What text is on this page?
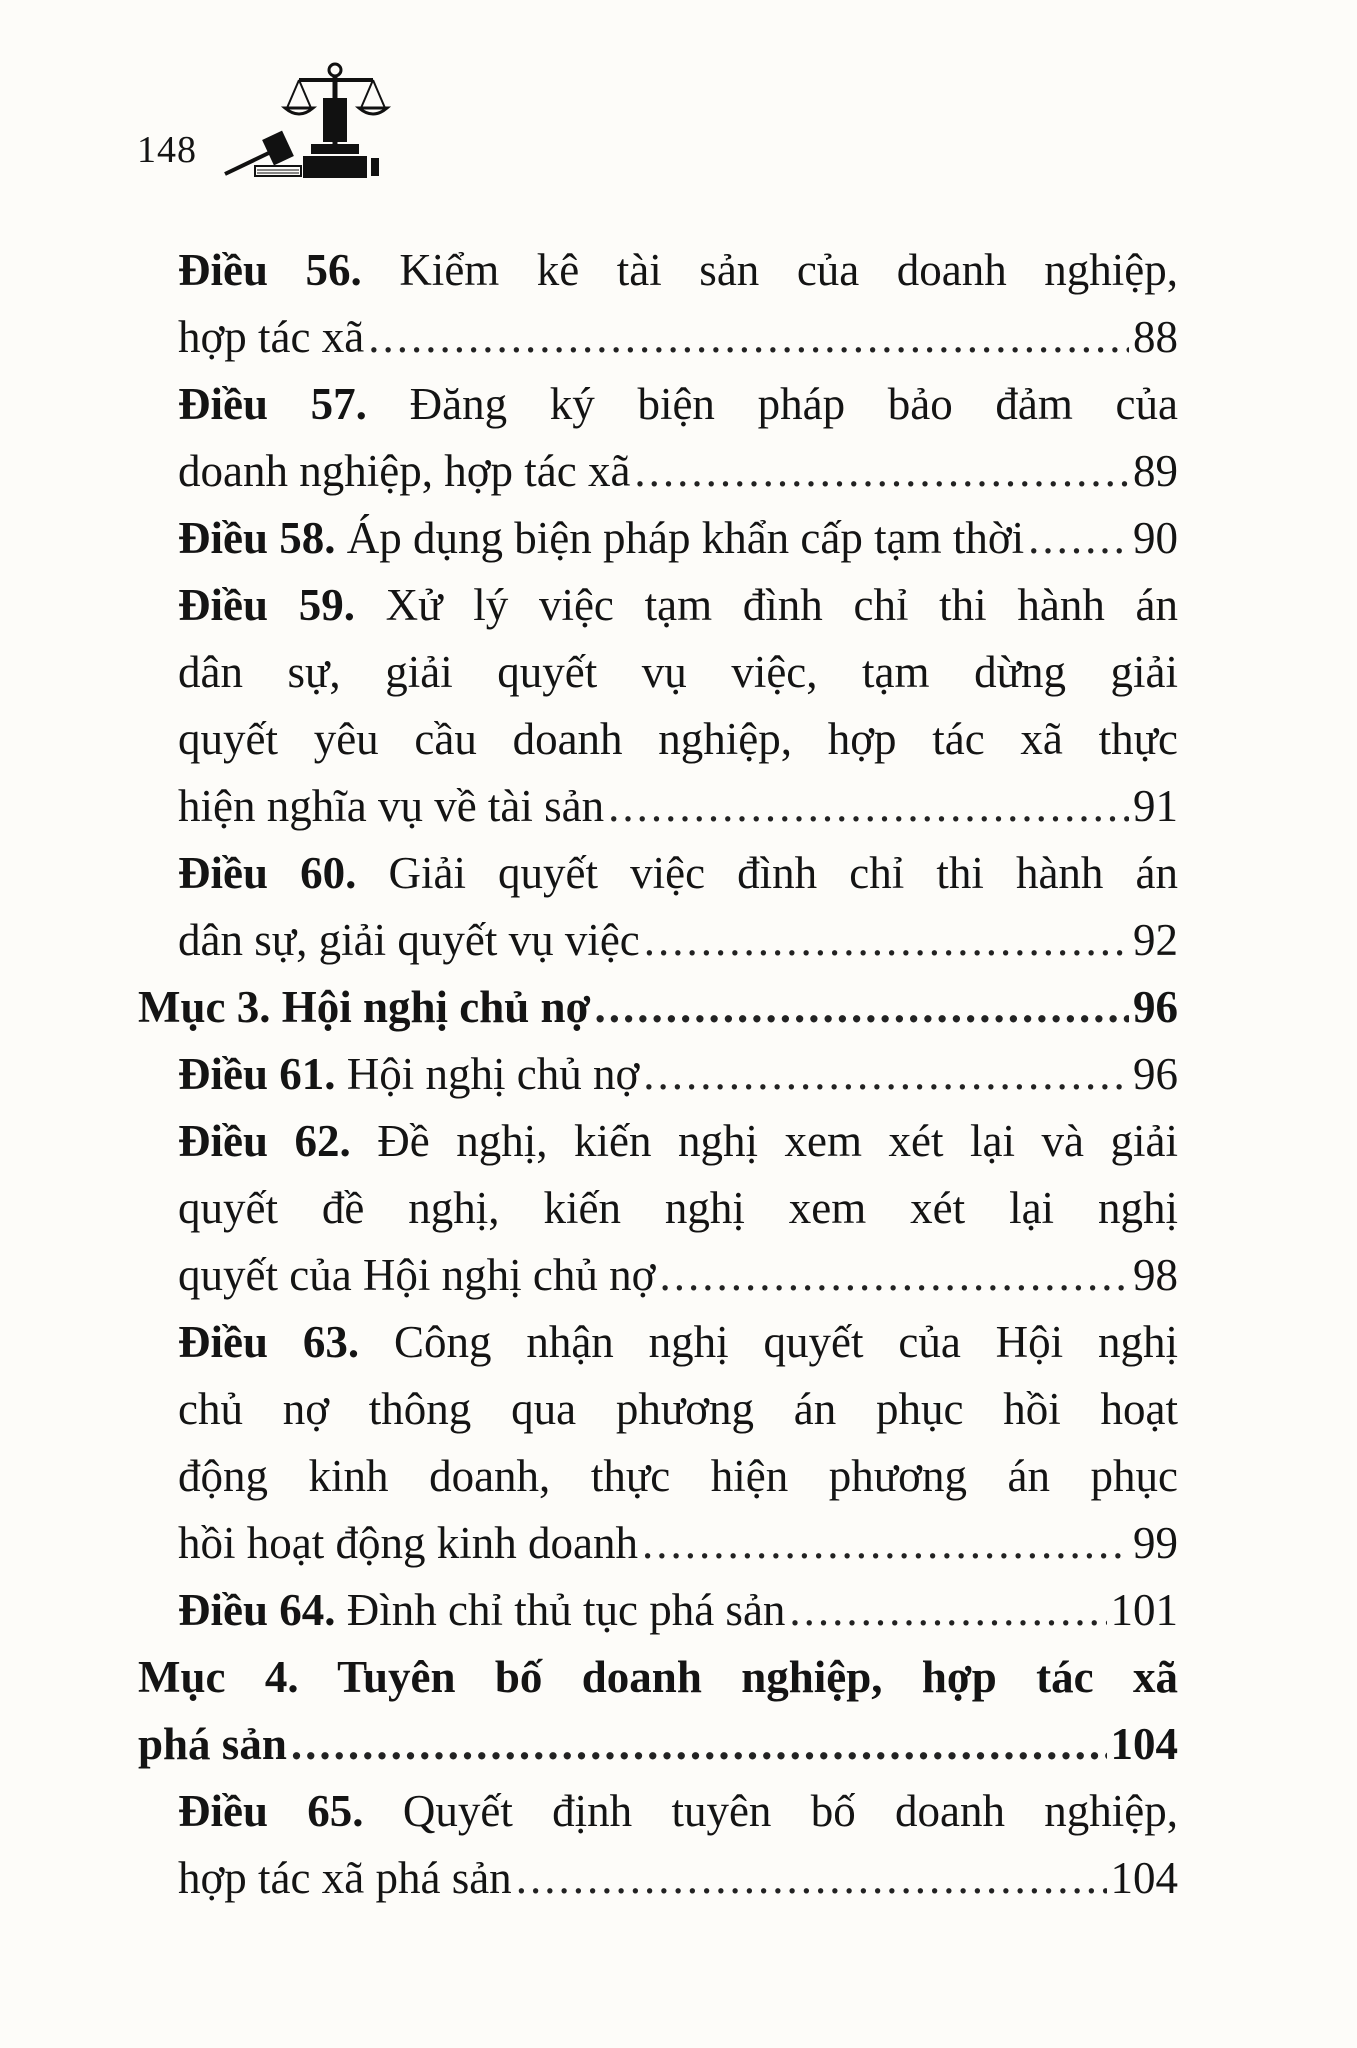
148
Điều 56. Kiểm kê tài sản của doanh nghiệp,
hợp tác xã .....	88
Điều 57. Đăng ký biện pháp bảo đảm của
doanh nghiệp, hợp tác xã .....	89
Điều 58. Áp dụng biện pháp khẩn cấp tạm thời ..... 90
Điều 59. Xử lý việc tạm đình chỉ thi hành án
dân sự, giải quyết vụ việc, tạm dừng giải
quyết yêu cầu doanh nghiệp, hợp tác xã thực
hiện nghĩa vụ về tài sản .....	91
Điều 60. Giải quyết việc đình chỉ thi hành án
dân sự, giải quyết vụ việc .....	92
Mục 3. Hội nghị chủ nợ .....	96
Điều 61. Hội nghị chủ nợ .....	96
Điều 62. Đề nghị, kiến nghị xem xét lại và giải
quyết đề nghị, kiến nghị xem xét lại nghị
quyết của Hội nghị chủ nợ .....	98
Điều 63. Công nhận nghị quyết của Hội nghị
chủ nợ thông qua phương án phục hồi hoạt
động kinh doanh, thực hiện phương án phục
hồi hoạt động kinh doanh .....	99
Điều 64. Đình chỉ thủ tục phá sản .....	101
Mục 4. Tuyên bố doanh nghiệp, hợp tác xã
phá sản .....	104
Điều 65. Quyết định tuyên bố doanh nghiệp,
hợp tác xã phá sản .....	104
